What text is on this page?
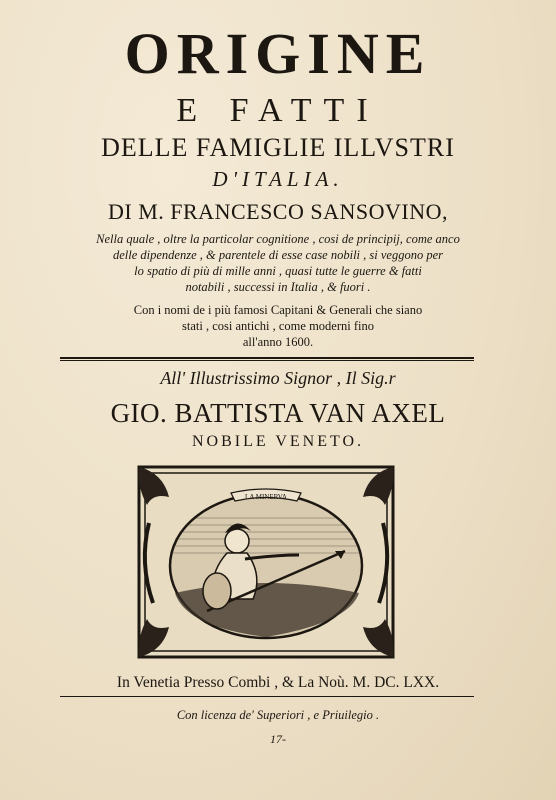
ORIGINE
E FATTI
DELLE FAMIGLIE ILLVSTRI
D'ITALIA.
DI M. FRANCESCO SANSOVINO,
Nella quale , oltre la particolar cognitione , cosi de principij, come anco
delle dipendenze , & parentele di esse case nobili , si veggono per
lo spatio di più di mille anni , quasi tutte le guerre & fatti
notabili , successi in Italia , & fuori .
Con i nomi de i più famosi Capitani & Generali che siano
stati , cosi antichi , come moderni fino
all'anno 1600.
All' Illustrissimo Signor , Il Sig.r
GIO. BATTISTA VAN AXEL
NOBILE VENETO.
LA MINERVA
In Venetia Presso Combi , & La Noù. M. DC. LXX.
Con licenza de' Superiori , e Priuilegio .
17-
